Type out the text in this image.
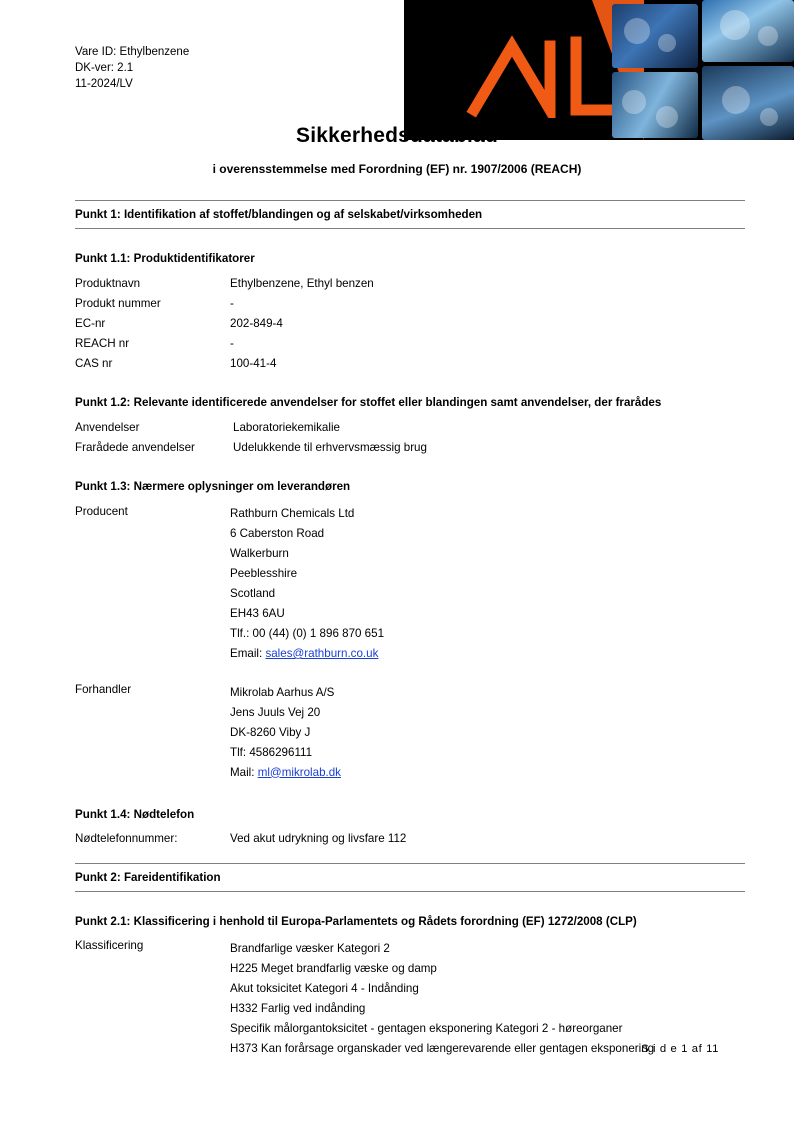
Vare ID: Ethylbenzene
DK-ver: 2.1
11-2024/LV
Sikkerhedsdatablad
i overensstemmelse med Forordning (EF) nr. 1907/2006 (REACH)
Punkt 1: Identifikation af stoffet/blandingen og af selskabet/virksomheden
Punkt 1.1: Produktidentifikatorer
Produktnavn	Ethylbenzene, Ethyl benzen
Produkt nummer	-
EC-nr	202-849-4
REACH nr	-
CAS nr	100-41-4
Punkt 1.2: Relevante identificerede anvendelser for stoffet eller blandingen samt anvendelser, der frarådes
Anvendelser	Laboratoriekemikalie
Frarådede anvendelser	Udelukkende til erhvervsmæssig brug
Punkt 1.3: Nærmere oplysninger om leverandøren
Producent	Rathburn Chemicals Ltd
6 Caberston Road
Walkerburn
Peeblesshire
Scotland
EH43 6AU
Tlf.: 00 (44) (0) 1 896 870 651
Email: sales@rathburn.co.uk

Forhandler	Mikrolab Aarhus A/S
Jens Juuls Vej 20
DK-8260 Viby J
Tlf: 4586296111
Mail: ml@mikrolab.dk
Punkt 1.4: Nødtelefon
Nødtelefonnummer:	Ved akut udrykning og livsfare 112
Punkt 2: Fareidentifikation
Punkt 2.1: Klassificering i henhold til Europa-Parlamentets og Rådets forordning (EF) 1272/2008 (CLP)
Klassificering	Brandfarlige væsker Kategori 2
H225 Meget brandfarlig væske og damp
Akut toksicitet Kategori 4 - Indånding
H332 Farlig ved indånding
Specifik målorgantoksicitet - gentagen eksponering Kategori 2 - høreorganer
H373 Kan forårsage organskader ved længerevarende eller gentagen eksponering
S i d e 1 af 11
